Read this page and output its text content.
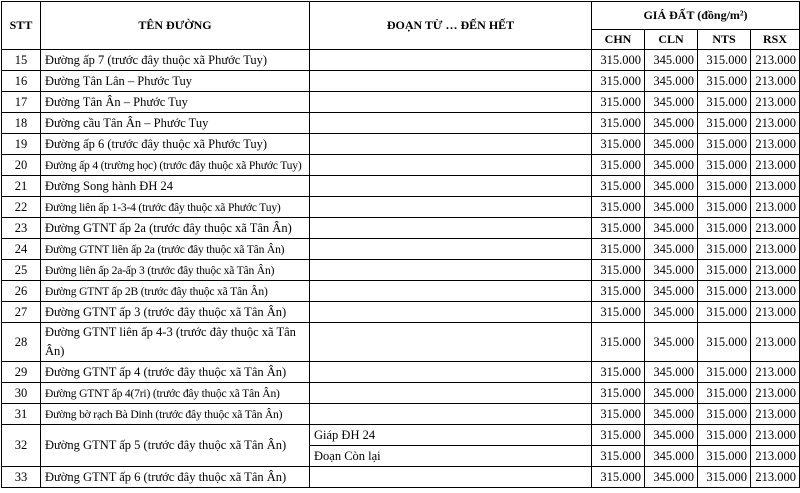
STT	TÊN ĐƯỜNG	ĐOẠN TỪ … ĐẾN HẾT	GIÁ ĐẤT (đồng/m²)			
			CHN	CLN	NTS	RSX
15	Đường ấp 7 (trước đây thuộc xã Phước Tuy)		315.000	345.000	315.000	213.000
16	Đường Tân Lân – Phước Tuy		315.000	345.000	315.000	213.000
17	Đường Tân Ân – Phước Tuy		315.000	345.000	315.000	213.000
18	Đường cầu Tân Ân – Phước Tuy		315.000	345.000	315.000	213.000
19	Đường ấp 6 (trước đây thuộc xã Phước Tuy)		315.000	345.000	315.000	213.000
20	Đường ấp 4 (trường học) (trước đây thuộc xã Phước Tuy)		315.000	345.000	315.000	213.000
21	Đường Song hành ĐH 24		315.000	345.000	315.000	213.000
22	Đường liên ấp 1-3-4 (trước đây thuộc xã Phước Tuy)		315.000	345.000	315.000	213.000
23	Đường GTNT ấp 2a (trước đây thuộc xã Tân Ân)		315.000	345.000	315.000	213.000
24	Đường GTNT liên ấp 2a (trước đây thuộc xã Tân Ân)		315.000	345.000	315.000	213.000
25	Đường liên ấp 2a-ấp 3 (trước đây thuộc xã Tân Ân)		315.000	345.000	315.000	213.000
26	Đường GTNT ấp 2B (trước đây thuộc xã Tân Ân)		315.000	345.000	315.000	213.000
27	Đường GTNT ấp 3 (trước đây thuộc xã Tân Ân)		315.000	345.000	315.000	213.000
28	Đường GTNT liên ấp 4-3 (trước đây thuộc xã Tân Ân)		315.000	345.000	315.000	213.000
29	Đường GTNT ấp 4 (trước đây thuộc xã Tân Ân)		315.000	345.000	315.000	213.000
30	Đường GTNT ấp 4(7ri) (trước đây thuộc xã Tân Ân)		315.000	345.000	315.000	213.000
31	Đường bờ rạch Bà Dinh (trước đây thuộc xã Tân Ân)		315.000	345.000	315.000	213.000
32	Đường GTNT ấp 5 (trước đây thuộc xã Tân Ân)	Giáp ĐH 24	315.000	345.000	315.000	213.000
		Đoạn Còn lại	315.000	345.000	315.000	213.000
33	Đường GTNT ấp 6 (trước đây thuộc xã Tân Ân)		315.000	345.000	315.000	213.000
